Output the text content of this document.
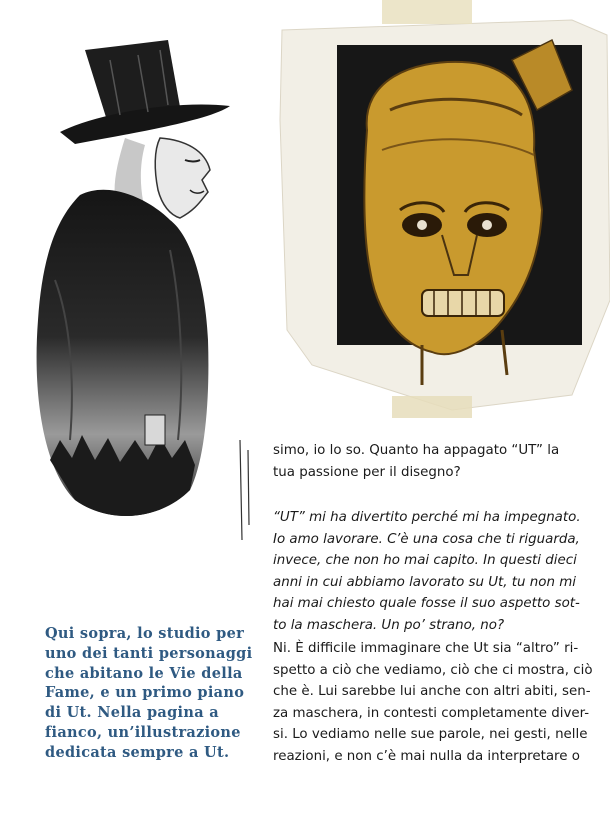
Qui sopra, lo studio per
uno dei tanti personaggi
che abitano le Vie della
Fame, e un primo piano
di Ut. Nella pagina a
fianco, un’illustrazione
dedicata sempre a Ut.
simo, io lo so. Quanto ha appagato “UT” la
tua passione per il disegno?
“UT” mi ha divertito perché mi ha impegnato.
Io amo lavorare. C’è una cosa che ti riguarda,
invece, che non ho mai capito. In questi dieci
anni in cui abbiamo lavorato su Ut, tu non mi
hai mai chiesto quale fosse il suo aspetto sot-
to la maschera. Un po’ strano, no?
Ni. È difficile immaginare che Ut sia “altro” ri-
spetto a ciò che vediamo, ciò che ci mostra, ciò
che è. Lui sarebbe lui anche con altri abiti, sen-
za maschera, in contesti completamente diver-
si. Lo vediamo nelle sue parole, nei gesti, nelle
reazioni, e non c’è mai nulla da interpretare o
